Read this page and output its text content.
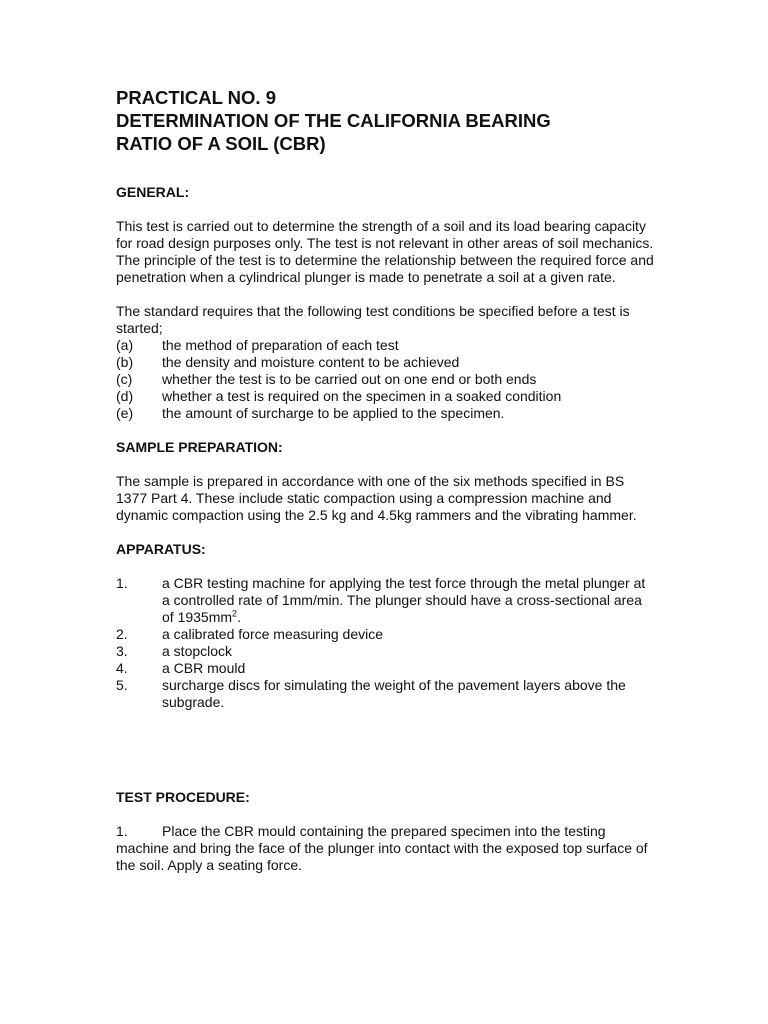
PRACTICAL NO. 9

DETERMINATION OF THE CALIFORNIA BEARING

RATIO OF A SOIL (CBR)

GENERAL:

This test is carried out to determine the strength of a soil and its load bearing capacity for road design purposes only. The test is not relevant in other areas of soil mechanics. The principle of the test is to determine the relationship between the required force and penetration when a cylindrical plunger is made to penetrate a soil at a given rate.

The standard requires that the following test conditions be specified before a test is started;

(a)	the method of preparation of each test
(b)	the density and moisture content to be achieved
(c)	whether the test is to be carried out on one end or both ends
(d)	whether a test is required on the specimen in a soaked condition
(e)	the amount of surcharge to be applied to the specimen.

SAMPLE PREPARATION:

The sample is prepared in accordance with one of the six methods specified in BS 1377 Part 4. These include static compaction using a compression machine and dynamic compaction using the 2.5 kg and 4.5kg rammers and the vibrating hammer.

APPARATUS:

1.	a CBR testing machine for applying the test force through the metal plunger at a controlled rate of 1mm/min. The plunger should have a cross-sectional area of $1935mm^2$.
2.	a calibrated force measuring device
3.	a stopclock
4.	a CBR mould
5.	surcharge discs for simulating the weight of the pavement layers above the subgrade.

TEST PROCEDURE:

1. Place the CBR mould containing the prepared specimen into the testing machine and bring the face of the plunger into contact with the exposed top surface of the soil. Apply a seating force.
